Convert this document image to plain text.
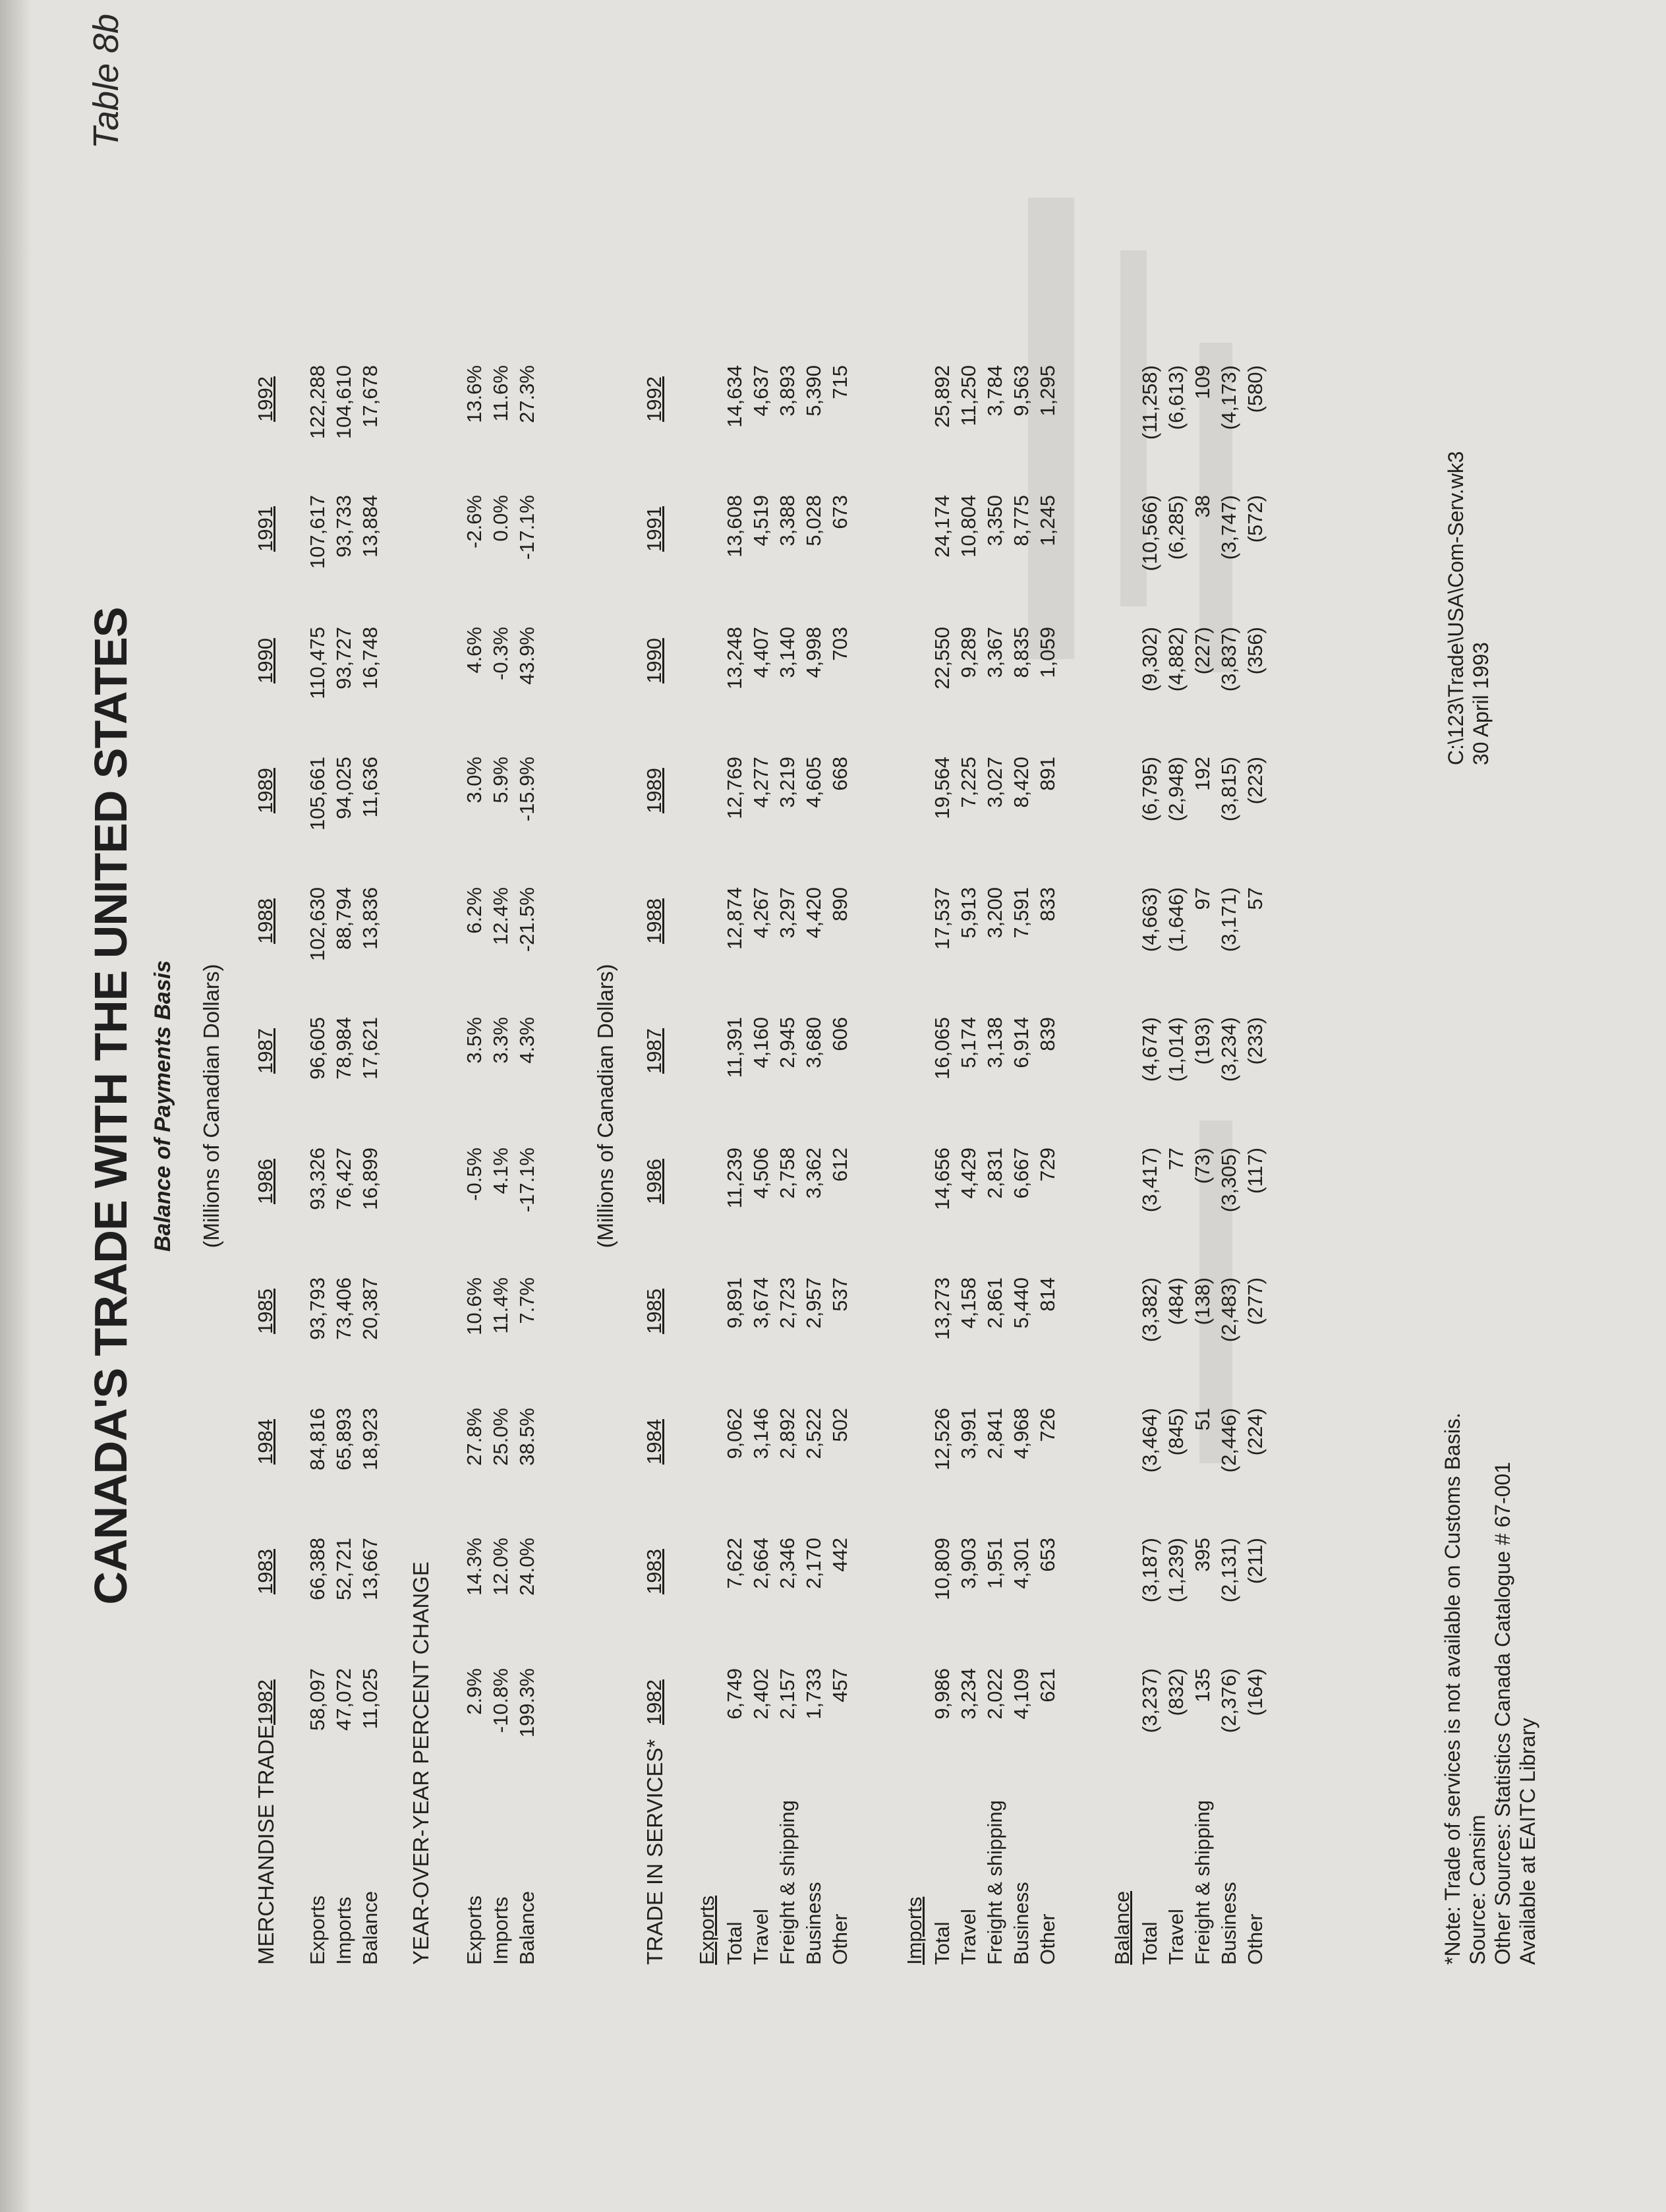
Table 8b
CANADA'S TRADE WITH THE UNITED STATES Balance of Payments Basis (Millions of Canadian Dollars)	(Millions of Canadian Dollars)
MERCHANDISE TRADE
1982
1983
1984
1985
1986
1987
1988
1989
1990
1991
1992
Exports
58,097
66,388
84,816
93,793
93,326
96,605
102,630
105,661
110,475
107,617
122,288
Imports
47,072
52,721
65,893
73,406
76,427
78,984
88,794
94,025
93,727
93,733
104,610
Balance
11,025
13,667
18,923
20,387
16,899
17,621
13,836
11,636
16,748
13,884
17,678
YEAR-OVER-YEAR PERCENT CHANGE Exports
2.9%
14.3%
27.8%
10.6%
-0.5%
3.5%
6.2%
3.0%
4.6%
-2.6%
13.6%
Imports
-10.8%
12.0%
25.0%
11.4%
4.1%
3.3%
12.4%
5.9%
-0.3%
0.0%
11.6%
Balance
199.3%
24.0%
38.5%
7.7%
-17.1%
4.3%
-21.5%
-15.9%
43.9%
-17.1%
27.3%
TRADE IN SERVICES*
1982
1983
1984
1985
1986
1987
1988
1989
1990
1991
1992
Exports Total
6,749
7,622
9,062
9,891
11,239
11,391
12,874
12,769
13,248
13,608
14,634
Travel
2,402
2,664
3,146
3,674
4,506
4,160
4,267
4,277
4,407
4,519
4,637
Freight & shipping
2,157
2,346
2,892
2,723
2,758
2,945
3,297
3,219
3,140
3,388
3,893
Business
1,733
2,170
2,522
2,957
3,362
3,680
4,420
4,605
4,998
5,028
5,390
Other
457
442
502
537
612
606
890
668
703
673
715
Imports Total
9,986
10,809
12,526
13,273
14,656
16,065
17,537
19,564
22,550
24,174
25,892
Travel
3,234
3,903
3,991
4,158
4,429
5,174
5,913
7,225
9,289
10,804
11,250
Freight & shipping
2,022
1,951
2,841
2,861
2,831
3,138
3,200
3,027
3,367
3,350
3,784
Business
4,109
4,301
4,968
5,440
6,667
6,914
7,591
8,420
8,835
8,775
9,563
Other
621
653
726
814
729
839
833
891
1,059
1,245
1,295
Balance Total
(3,237)
(3,187)
(3,464)
(3,382)
(3,417)
(4,674)
(4,663)
(6,795)
(9,302)
(10,566)
(11,258)
Travel
(832)
(1,239)
(845)
(484)
77
(1,014)
(1,646)
(2,948)
(4,882)
(6,285)
(6,613)
Freight & shipping
135
395
51
(138)
(73)
(193)
97
192
(227)
38
109
Business
(2,376)
(2,131)
(2,446)
(2,483)
(3,305)
(3,234)
(3,171)
(3,815)
(3,837)
(3,747)
(4,173)
Other
(164)
(211)
(224)
(277)
(117)
(233)
57
(223)
(356)
(572)
(580)
*Note: Trade of services is not available on Customs Basis. Source: Cansim Other Sources: Statistics Canada Catalogue # 67-001 Available at EAITC Library
C:\123\Trade\USA\Com-Serv.wk3 30 April 1993
